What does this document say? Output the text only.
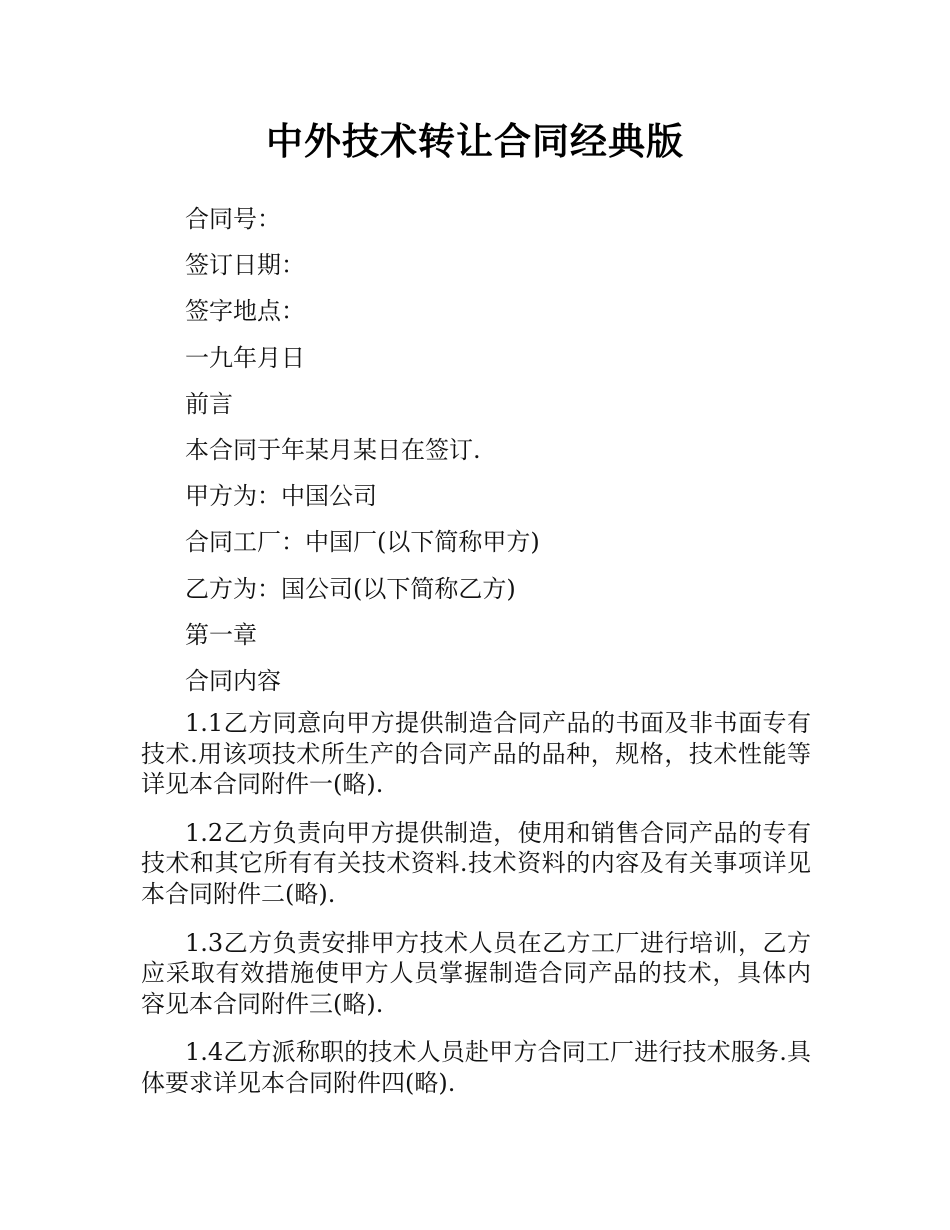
中外技术转让合同经典版
合同号：
签订日期：
签字地点：
一九年月日
前言
本合同于年某月某日在签订.
甲方为：中国公司
合同工厂：中国厂(以下简称甲方)
乙方为：国公司(以下简称乙方)
第一章
合同内容

1.1乙方同意向甲方提供制造合同产品的书面及非书面专有技术.用该项技术所生产的合同产品的品种，规格，技术性能等详见本合同附件一(略).

1.2乙方负责向甲方提供制造，使用和销售合同产品的专有技术和其它所有有关技术资料.技术资料的内容及有关事项详见本合同附件二(略).

1.3乙方负责安排甲方技术人员在乙方工厂进行培训，乙方应采取有效措施使甲方人员掌握制造合同产品的技术，具体内容见本合同附件三(略).

1.4乙方派称职的技术人员赴甲方合同工厂进行技术服务.具体要求详见本合同附件四(略).
